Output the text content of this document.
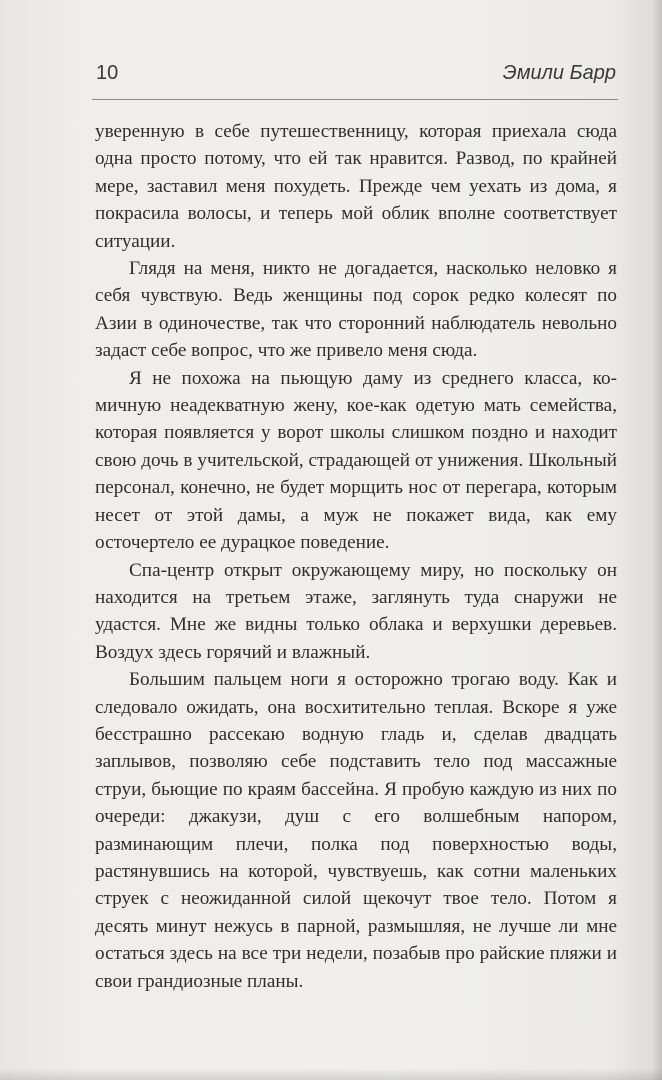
10	Эмили Барр

уверенную в себе путешественницу, которая приехала сюда одна просто потому, что ей так нравится. Развод, по крайней мере, заставил меня похудеть. Прежде чем уехать из дома, я покрасила волосы, и теперь мой облик вполне соответствует ситуации.

Глядя на меня, никто не догадается, насколько неловко я себя чувствую. Ведь женщины под сорок редко колесят по Азии в одиночестве, так что сторонний наблюдатель невольно задаст себе вопрос, что же привело меня сюда.

Я не похожа на пьющую даму из среднего класса, комичную неадекватную жену, кое-как одетую мать семейства, которая появляется у ворот школы слишком поздно и находит свою дочь в учительской, страдающей от унижения. Школьный персонал, конечно, не будет морщить нос от перегара, которым несет от этой дамы, а муж не покажет вида, как ему осточертело ее дурацкое поведение.

Спа-центр открыт окружающему миру, но поскольку он находится на третьем этаже, заглянуть туда снаружи не удастся. Мне же видны только облака и верхушки деревьев. Воздух здесь горячий и влажный.

Большим пальцем ноги я осторожно трогаю воду. Как и следовало ожидать, она восхитительно теплая. Вскоре я уже бесстрашно рассекаю водную гладь и, сделав двадцать заплывов, позволяю себе подставить тело под массажные струи, бьющие по краям бассейна. Я пробую каждую из них по очереди: джакузи, душ с его волшебным напором, разминающим плечи, полка под поверхностью воды, растянувшись на которой, чувствуешь, как сотни маленьких струек с неожиданной силой щекочут твое тело. Потом я десять минут нежусь в парной, размышляя, не лучше ли мне остаться здесь на все три недели, позабыв про райские пляжи и свои грандиозные планы.
